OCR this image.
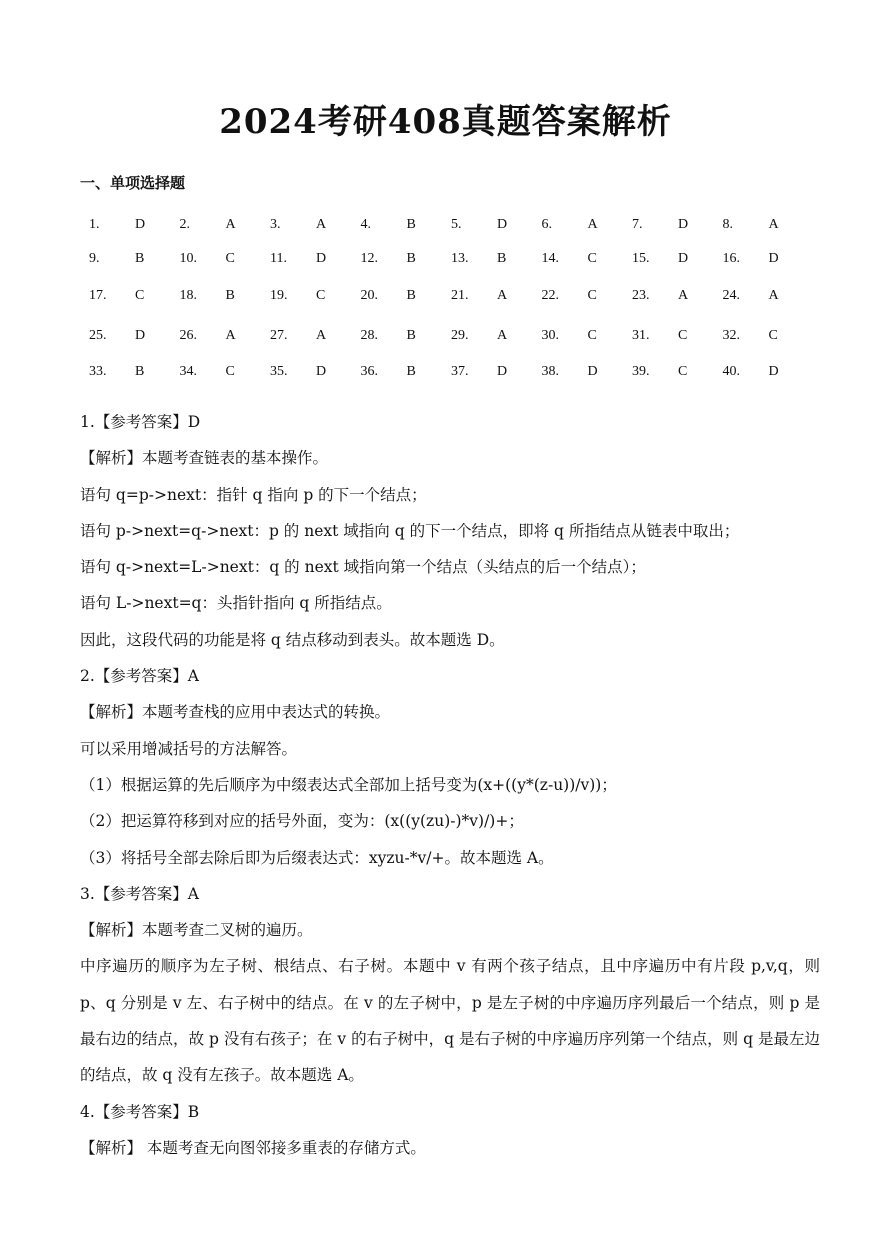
2024考研408真题答案解析
一、单项选择题
1.	D 2.	A 3.	A 4.	B	5.	D 6.	A 7.	D 8.	A
9.	B	10. C	11. D 12. B	13. B	14. C	15. D 16. D
17. C	18. B	19. C	20. B	21. A 22. C	23. A 24. A
25. D 26. A 27. A 28. B	29. A 30. C	31. C	32. C
33. B	34. C	35. D 36. B	37. D 38. D 39. C	40. D

1.【参考答案】D

【解析】本题考查链表的基本操作。

语句 q=p->next：指针 q 指向 p 的下一个结点；

语句 p->next=q->next：p 的 next 域指向 q 的下一个结点，即将 q 所指结点从链表中取出；

语句 q->next=L->next：q 的 next 域指向第一个结点（头结点的后一个结点）；

语句 L->next=q：头指针指向 q 所指结点。

因此，这段代码的功能是将 q 结点移动到表头。故本题选 D。

2.【参考答案】A

【解析】本题考查栈的应用中表达式的转换。

可以采用增减括号的方法解答。

（1）根据运算的先后顺序为中缀表达式全部加上括号变为(x+((y*(z-u))/v))；

（2）把运算符移到对应的括号外面，变为：(x((y(zu)-)*v)/)+；

（3）将括号全部去除后即为后缀表达式：xyzu-*v/+。故本题选 A。

3.【参考答案】A

【解析】本题考查二叉树的遍历。

中序遍历的顺序为左子树、根结点、右子树。本题中 v 有两个孩子结点，且中序遍历中有片段 p,v,q，则 p、q 分别是 v 左、右子树中的结点。在 v 的左子树中，p 是左子树的中序遍历序列最后一个结点，则 p 是最右边的结点，故 p 没有右孩子；在 v 的右子树中，q 是右子树的中序遍历序列第一个结点，则 q 是最左边的结点，故 q 没有左孩子。故本题选 A。

4.【参考答案】B

【解析】 本题考查无向图邻接多重表的存储方式。
